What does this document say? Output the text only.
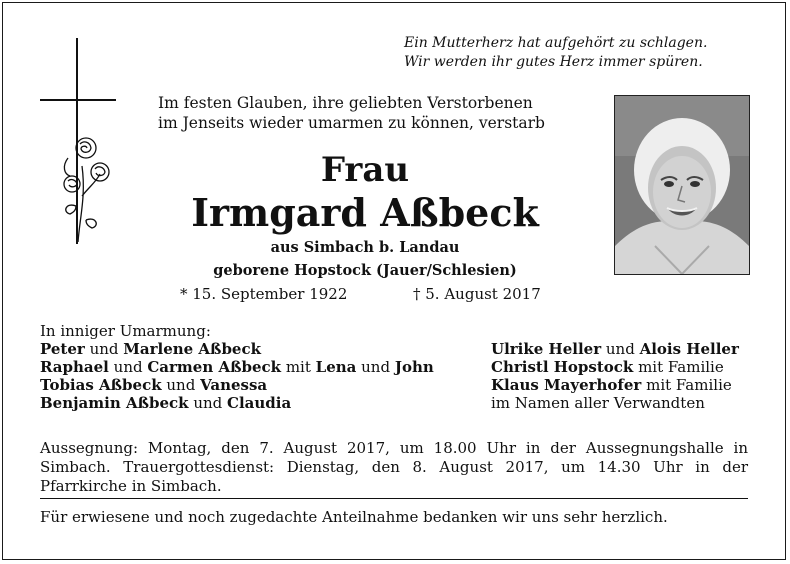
Ein Mutterherz hat aufgehört zu schlagen.
Wir werden ihr gutes Herz immer spüren.
Im festen Glauben, ihre geliebten Verstorbenen
im Jenseits wieder umarmen zu können, verstarb
Frau
Irmgard Aßbeck
aus Simbach b. Landau
geborene Hopstock (Jauer/Schlesien)
* 15. September 1922	† 5. August 2017
In inniger Umarmung:
Peter und Marlene Aßbeck
Raphael und Carmen Aßbeck mit Lena und John
Tobias Aßbeck und Vanessa
Benjamin Aßbeck und Claudia
Ulrike Heller und Alois Heller
Christl Hopstock mit Familie
Klaus Mayerhofer mit Familie
im Namen aller Verwandten
Aussegnung: Montag, den 7. August 2017, um 18.00 Uhr in der Aussegnungshalle in Simbach. Trauergottesdienst: Dienstag, den 8. August 2017, um 14.30 Uhr in der Pfarrkirche in Simbach.
Für erwiesene und noch zugedachte Anteilnahme bedanken wir uns sehr herzlich.
